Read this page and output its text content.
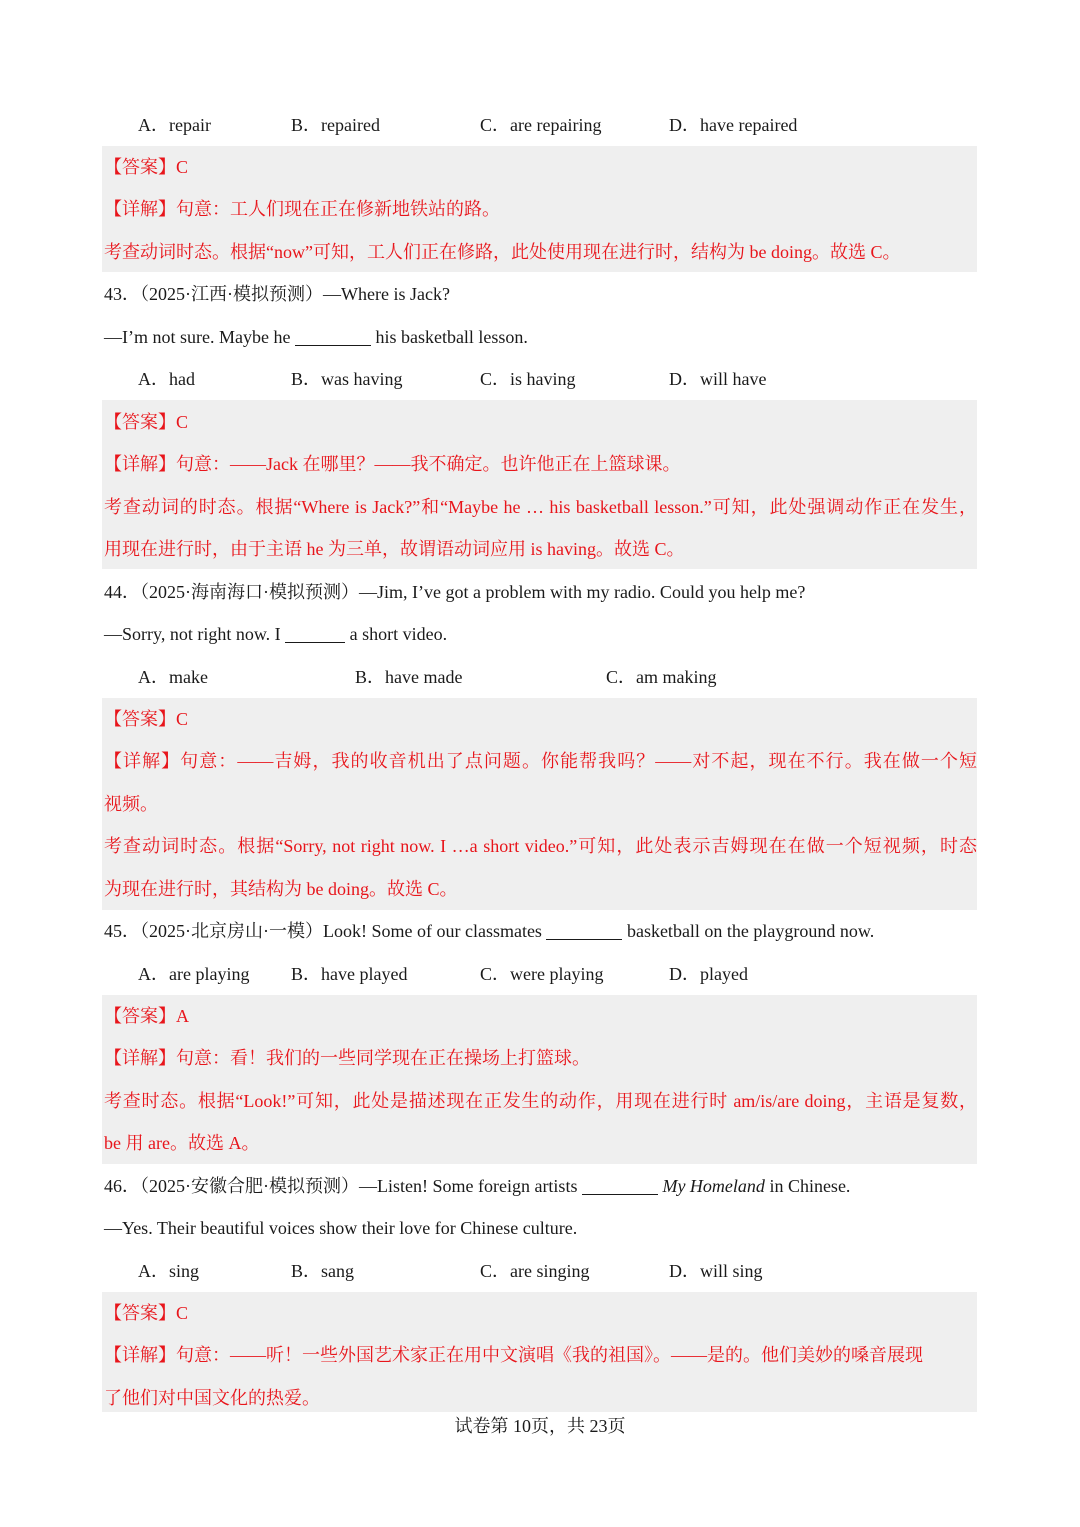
A．repair	B．repaired	C．are repairing	D．have repaired
【答案】C
【详解】句意：工人们现在正在修新地铁站的路。
考查动词时态。根据“now”可知，工人们正在修路，此处使用现在进行时，结构为 be doing。故选 C。
43．（2025·江西·模拟预测）—Where is Jack?
—I’m not sure. Maybe he	his basketball lesson.
A．had	B．was having	C．is having	D．will have
【答案】C
【详解】句意：——Jack 在哪里？——我不确定。也许他正在上篮球课。
考查动词的时态。根据“Where is Jack?”和“Maybe he … his basketball lesson.”可知，此处强调动作正在发生，
用现在进行时，由于主语 he 为三单，故谓语动词应用 is having。故选 C。
44．（2025·海南海口·模拟预测）—Jim, I’ve got a problem with my radio. Could you help me?
—Sorry, not right now. I	a short video.
A．make	B．have made	C．am making
【答案】C
【详解】句意：——吉姆，我的收音机出了点问题。你能帮我吗？——对不起，现在不行。我在做一个短
视频。
考查动词时态。根据“Sorry, not right now. I …a short video.”可知，此处表示吉姆现在在做一个短视频，时态
为现在进行时，其结构为 be doing。故选 C。
45．（2025·北京房山·一模）Look! Some of our classmates	basketball on the playground now.
A．are playing B．have played	C．were playing	D．played
【答案】A
【详解】句意：看！我们的一些同学现在正在操场上打篮球。
考查时态。根据“Look!”可知，此处是描述现在正发生的动作，用现在进行时 am/is/are doing，主语是复数，
be 用 are。故选 A。
46．（2025·安徽合肥·模拟预测）—Listen! Some foreign artists	My Homeland in Chinese.
—Yes. Their beautiful voices show their love for Chinese culture.
A．sing	B．sang	C．are singing	D．will sing
【答案】C
【详解】句意：——听！一些外国艺术家正在用中文演唱《我的祖国》。——是的。他们美妙的嗓音展现
了他们对中国文化的热爱。
试卷第 10页，共 23页
